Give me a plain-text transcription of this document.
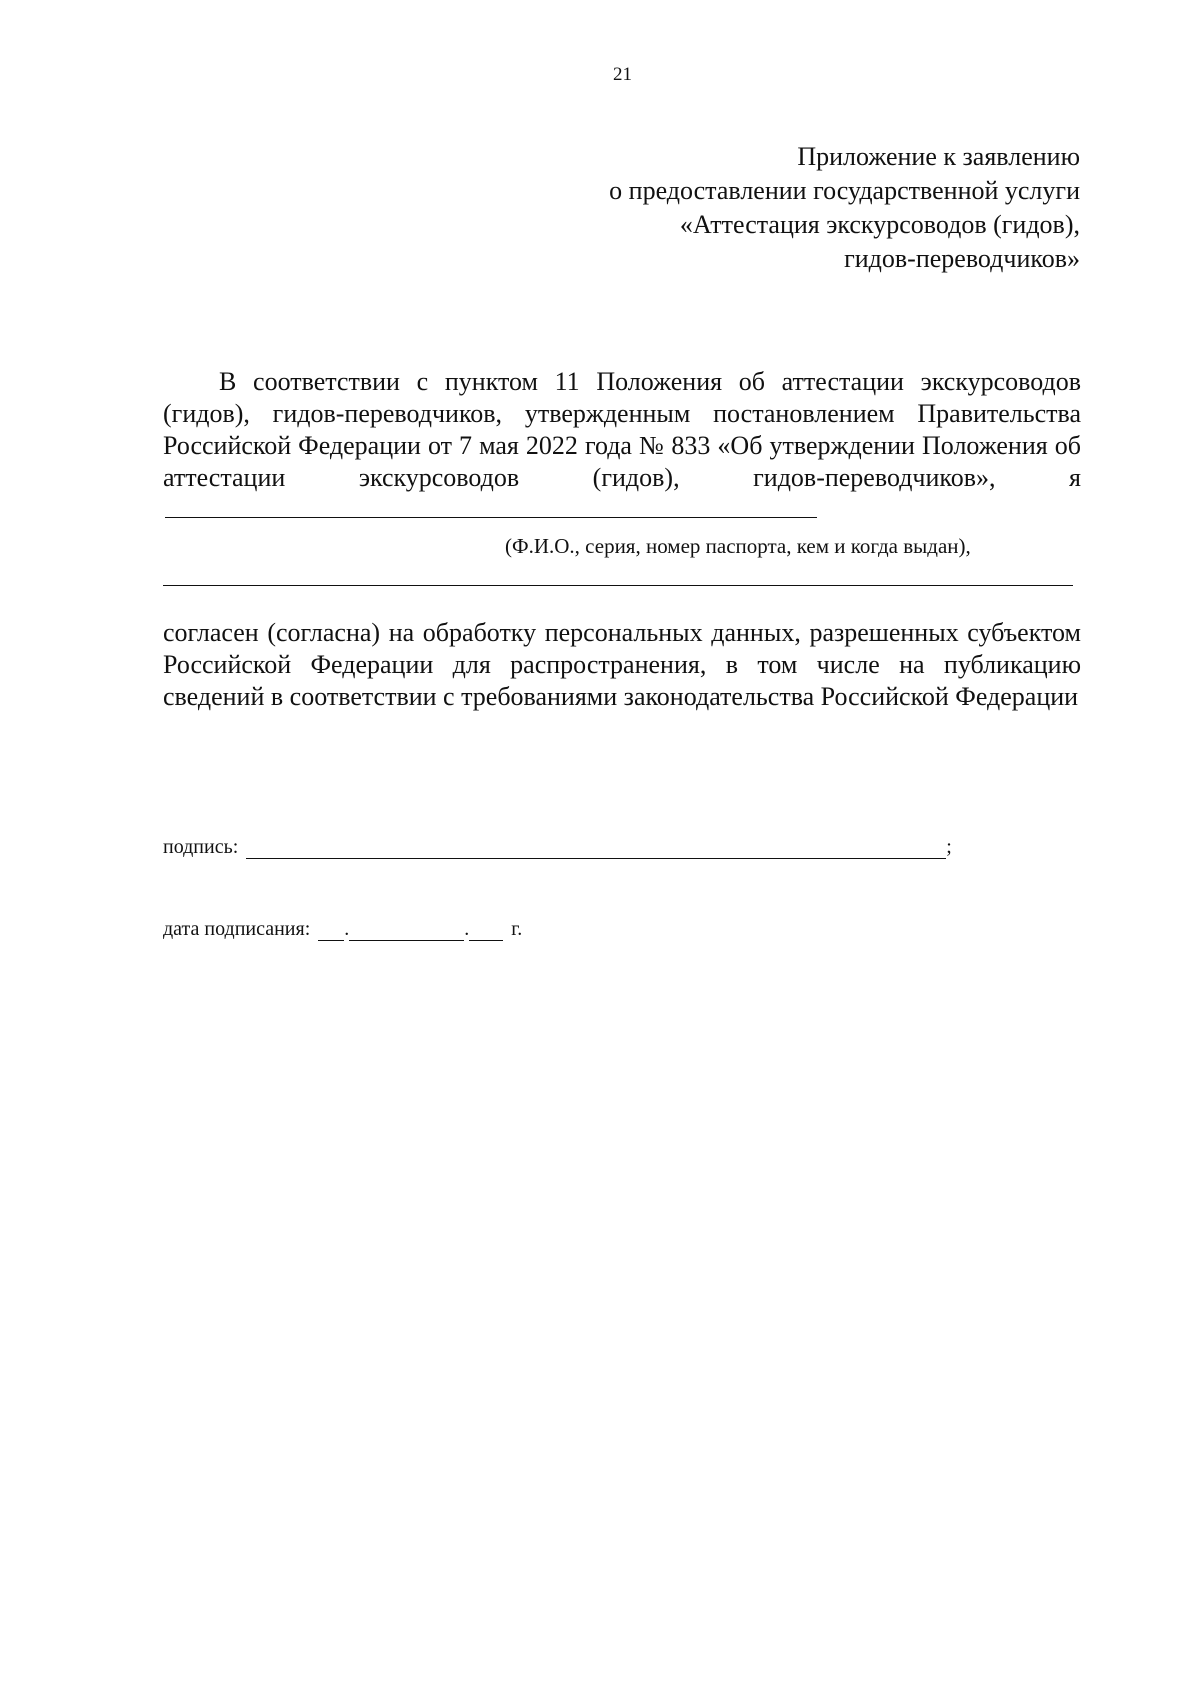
21
Приложение к заявлению
о предоставлении государственной услуги
«Аттестация экскурсоводов (гидов),
гидов-переводчиков»
В соответствии с пунктом 11 Положения об аттестации экскурсоводов (гидов), гидов-переводчиков, утвержденным постановлением Правительства Российской Федерации от 7 мая 2022 года № 833 «Об утверждении Положения об аттестации экскурсоводов (гидов), гидов-переводчиков», я
(Ф.И.О., серия, номер паспорта, кем и когда выдан),
согласен (согласна) на обработку персональных данных, разрешенных субъектом Российской Федерации для распространения, в том числе на публикацию сведений в соответствии с требованиями законодательства Российской Федерации
подпись:	;
дата подписания: .	. г.
